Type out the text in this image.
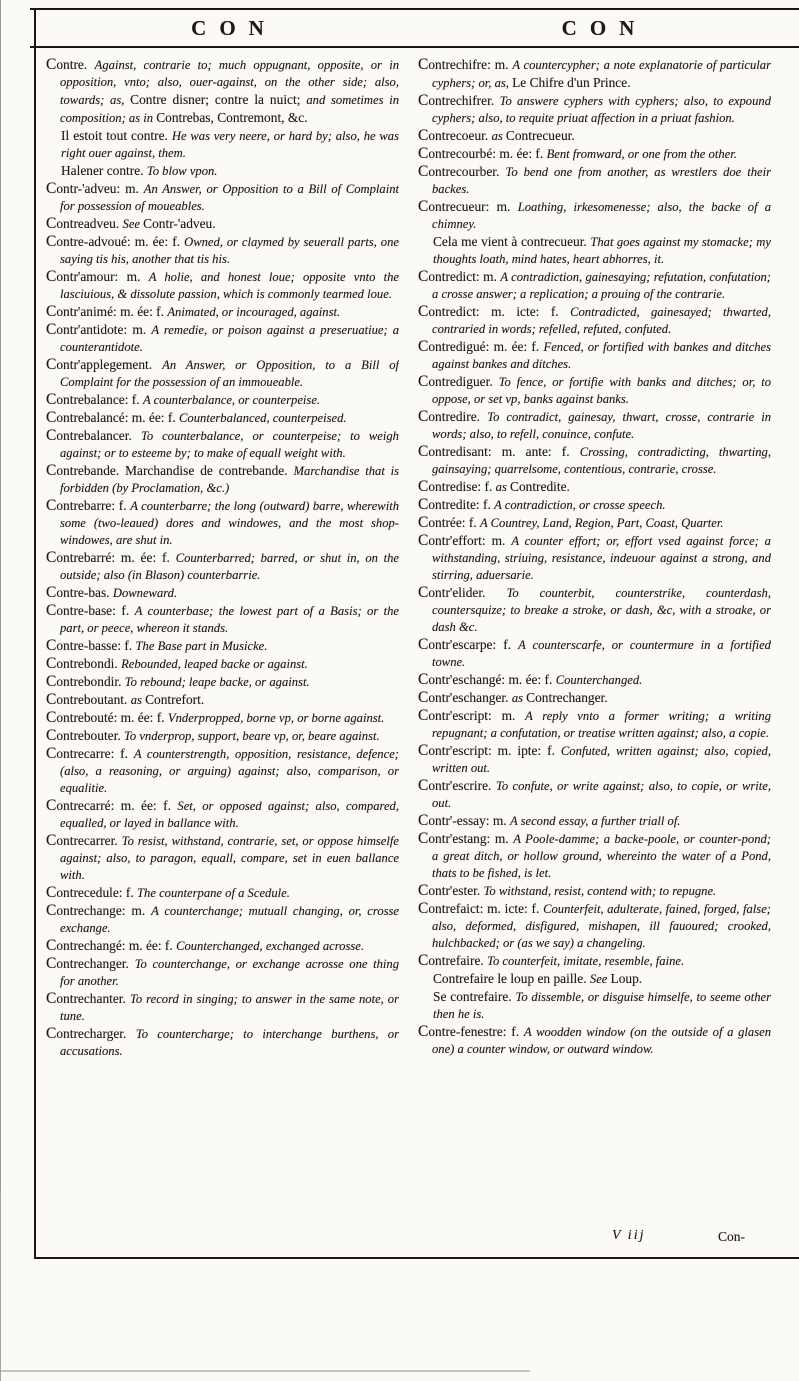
CON	CON

Contre. Against, contrarie to; much oppugnant, opposite, or in opposition, vnto; also, ouer-against, on the other side; also, towards; as, Contre disner; contre la nuict; and sometimes in composition; as in Contrebas, Contremont, &c.

Il estoit tout contre. He was very neere, or hard by; also, he was right ouer against, them.

Halener contre. To blow vpon.

Contr-'adveu: m. An Answer, or Opposition to a Bill of Complaint for possession of moueables.

Contreadveu. See Contr-'adveu.

Contre-advoué: m. ée: f. Owned, or claymed by seuerall parts, one saying tis his, another that tis his.

Contr'amour: m. A holie, and honest loue; opposite vnto the lasciuious, & dissolute passion, which is commonly tearmed loue.

Contr'animé: m. ée: f. Animated, or incouraged, against.

Contr'antidote: m. A remedie, or poison against a preseruatiue; a counterantidote.

Contr'applegement. An Answer, or Opposition, to a Bill of Complaint for the possession of an immoueable.

Contrebalance: f. A counterbalance, or counterpeise.

Contrebalancé: m. ée: f. Counterbalanced, counterpeised.

Contrebalancer. To counterbalance, or counterpeise; to weigh against; or to esteeme by; to make of equall weight with.

Contrebande. Marchandise de contrebande. Marchandise that is forbidden (by Proclamation, &c.)

Contrebarre: f. A counterbarre; the long (outward) barre, wherewith some (two-leaued) dores and windowes, and the most shop-windowes, are shut in.

Contrebarré: m. ée: f. Counterbarred; barred, or shut in, on the outside; also (in Blason) counterbarrie.

Contre-bas. Downeward.

Contre-base: f. A counterbase; the lowest part of a Basis; or the part, or peece, whereon it stands.

Contre-basse: f. The Base part in Musicke.

Contrebondi. Rebounded, leaped backe or against.

Contrebondir. To rebound; leape backe, or against.

Contreboutant. as Contrefort.

Contrebouté: m. ée: f. Vnderpropped, borne vp, or borne against.

Contrebouter. To vnderprop, support, beare vp, or, beare against.

Contrecarre: f. A counterstrength, opposition, resistance, defence; (also, a reasoning, or arguing) against; also, comparison, or equalitie.

Contrecarré: m. ée: f. Set, or opposed against; also, compared, equalled, or layed in ballance with.

Contrecarrer. To resist, withstand, contrarie, set, or oppose himselfe against; also, to paragon, equall, compare, set in euen ballance with.

Contrecedule: f. The counterpane of a Scedule.

Contrechange: m. A counterchange; mutuall changing, or, crosse exchange.

Contrechangé: m. ée: f. Counterchanged, exchanged acrosse.

Contrechanger. To counterchange, or exchange acrosse one thing for another.

Contrechanter. To record in singing; to answer in the same note, or tune.

Contrecharger. To countercharge; to interchange burthens, or accusations.

Contrechifre: m. A countercypher; a note explanatorie of particular cyphers; or, as, Le Chifre d'un Prince.

Contrechifrer. To answere cyphers with cyphers; also, to expound cyphers; also, to requite priuat affection in a priuat fashion.

Contrecoeur. as Contrecueur.

Contrecourbé: m. ée: f. Bent fromward, or one from the other.

Contrecourber. To bend one from another, as wrestlers doe their backes.

Contrecueur: m. Loathing, irkesomenesse; also, the backe of a chimney.

Cela me vient à contrecueur. That goes against my stomacke; my thoughts loath, mind hates, heart abhorres, it.

Contredict: m. A contradiction, gainesaying; refutation, confutation; a crosse answer; a replication; a prouing of the contrarie.

Contredict: m. icte: f. Contradicted, gainesayed; thwarted, contraried in words; refelled, refuted, confuted.

Contredigué: m. ée: f. Fenced, or fortified with bankes and ditches against bankes and ditches.

Contrediguer. To fence, or fortifie with banks and ditches; or, to oppose, or set vp, banks against banks.

Contredire. To contradict, gainesay, thwart, crosse, contrarie in words; also, to refell, conuince, confute.

Contredisant: m. ante: f. Crossing, contradicting, thwarting, gainsaying; quarrelsome, contentious, contrarie, crosse.

Contredise: f. as Contredite.

Contredite: f. A contradiction, or crosse speech.

Contrée: f. A Countrey, Land, Region, Part, Coast, Quarter.

Contr'effort: m. A counter effort; or, effort vsed against force; a withstanding, striuing, resistance, indeuour against a strong, and stirring, aduersarie.

Contr'elider. To counterbit, counterstrike, counterdash, countersquize; to breake a stroke, or dash, &c, with a stroake, or dash &c.

Contr'escarpe: f. A counterscarfe, or countermure in a fortified towne.

Contr'eschangé: m. ée: f. Counterchanged.

Contr'eschanger. as Contrechanger.

Contr'escript: m. A reply vnto a former writing; a writing repugnant; a confutation, or treatise written against; also, a copie.

Contr'escript: m. ipte: f. Confuted, written against; also, copied, written out.

Contr'escrire. To confute, or write against; also, to copie, or write, out.

Contr'-essay: m. A second essay, a further triall of.

Contr'estang: m. A Poole-damme; a backe-poole, or counter-pond; a great ditch, or hollow ground, whereinto the water of a Pond, thats to be fished, is let.

Contr'ester. To withstand, resist, contend with; to repugne.

Contrefaict: m. icte: f. Counterfeit, adulterate, fained, forged, false; also, deformed, disfigured, mishapen, ill fauoured; crooked, hulchbacked; or (as we say) a changeling.

Contrefaire. To counterfeit, imitate, resemble, faine.

Contrefaire le loup en paille. See Loup.

Se contrefaire. To dissemble, or disguise himselfe, to seeme other then he is.

Contre-fenestre: f. A woodden window (on the outside of a glasen one) a counter window, or outward window.

V iij	Con-
